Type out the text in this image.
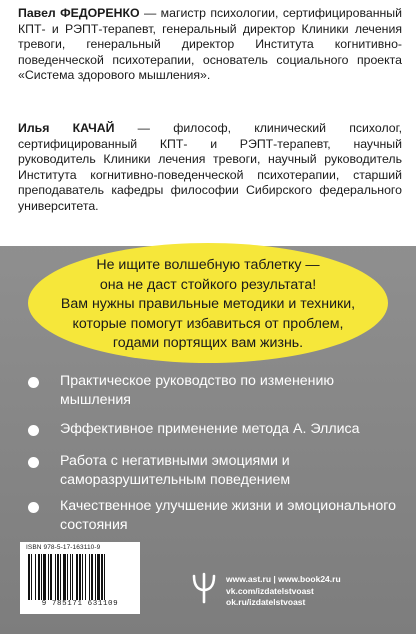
Павел ФЕДОРЕНКО — магистр психологии, сертифицированный КПТ- и РЭПТ-терапевт, генеральный директор Клиники лечения тревоги, генеральный директор Института когнитивно-поведенческой психотерапии, основатель социального проекта «Система здорового мышления».
Илья КАЧАЙ — философ, клинический психолог, сертифицированный КПТ- и РЭПТ-терапевт, научный руководитель Клиники лечения тревоги, научный руководитель Института когнитивно-поведенческой психотерапии, старший преподаватель кафедры философии Сибирского федерального университета.
Не ищите волшебную таблетку —
она не даст стойкого результата!
Вам нужны правильные методики и техники,
которые помогут избавиться от проблем,
годами портящих вам жизнь.
Практическое руководство по изменению мышления
Эффективное применение метода А. Эллиса
Работа с негативными эмоциями и саморазрушительным поведением
Качественное улучшение жизни и эмоционального состояния
ISBN 978-5-17-163110-9
9 785171 631109
www.ast.ru | www.book24.ru
vk.com/izdatelstvoast
ok.ru/izdatelstvoast
